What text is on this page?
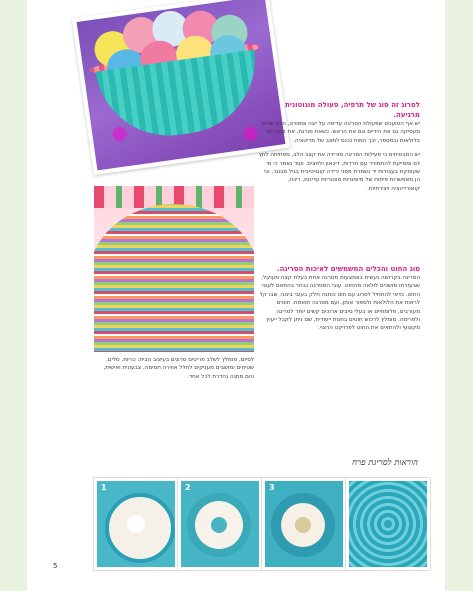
לסרוג זה סוג של תרפיה, פעולה מונוטונית מרגיעה.
יש אף הטוענים שפעולת הסריגה עדיפה על יוגה וספורט, היות שהיא מעסיקה גם את הידיים וגם את הראש. כשאת סורגת, את מתרכזת בלולאות ובמספר, וכך המוח נכנס למצב של מדיטציה.
יש המבטיחים כי פעילות הסריגה מורידה את קצב הלב, מפחיתה לחץ דם ומסייעת להתמודד עם חרדות, דיכאון ולחצים. ועוד נאמר כי מי שעוסקת בעבודות יד נשמרת מפני ירידה קוגניטיבית בגיל מבוגר, וכי הן מאפשרות פיתוח של מיומנויות מוטוריות עדינות, ריכוז, קואורדינציה ויצירתיות.
סוג החוט והכלים המשמשים לאיכות הסריגה.
הסריגה בקרושה נעשית באמצעות מסרגה אחת בעלת קצה מעוקל, שבעזרתו מושכים לולאה מהחוט. עובי המסרגה נבחר בהתאם לעובי החוט. כדאי להתחיל לסרוג עם חוט כותנה חלק בעובי בינוני, שבו קל לראות את הלולאות ולספור אותן, ועם מסרגה תואמת. חוטים מעורבים, פלומתיים או בעלי סיבים ארוכים קשים יותר לסריגה ולפרימה. מומלץ לרכוש חוטים בחנות ייעודית, שם ניתן לקבל ייעוץ מקצועי ולהתאים את החוט לפרויקט הרצוי.
לסיום, מומלץ לשלב פריטים סרוגים בעיצוב הבית: כריות, סלים, שטיחים ומושבים מעניקים לחלל אווירה חמימה, צבעונית ואישית, והם מתנה נהדרת לכל אחד.
הוראות לסריגת פרח
1	2	3
5
